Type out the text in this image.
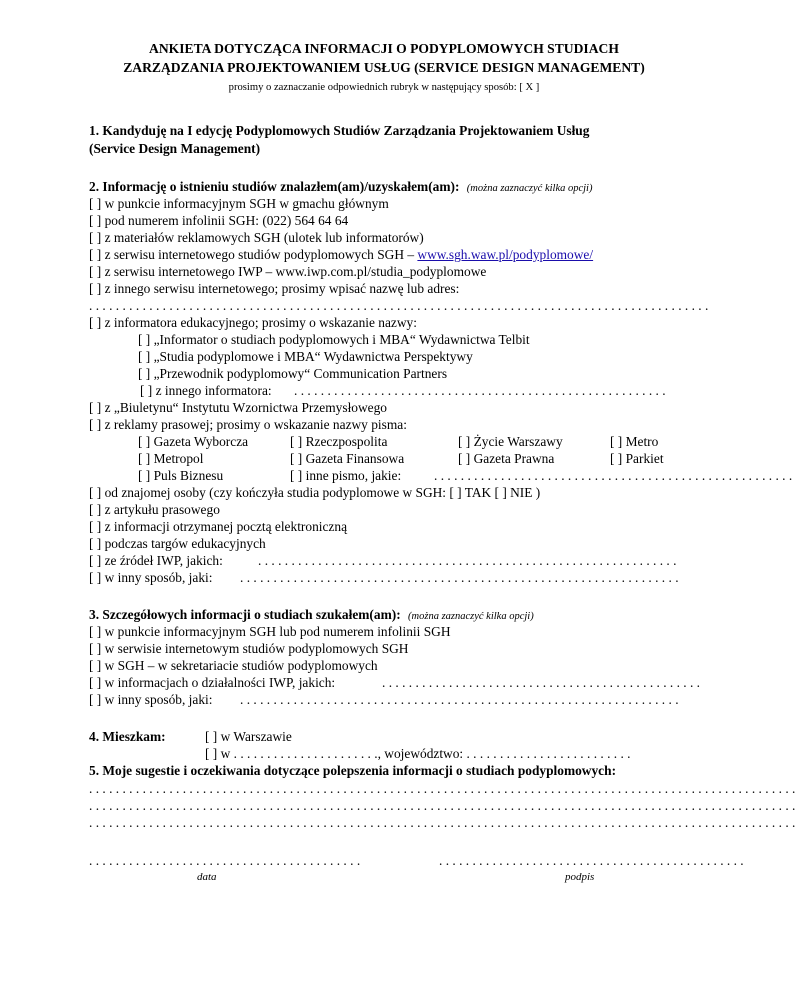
ANKIETA DOTYCZĄCA INFORMACJI O PODYPLOMOWYCH STUDIACH
ZARZĄDZANIA PROJEKTOWANIEM USŁUG (SERVICE DESIGN MANAGEMENT)
prosimy o zaznaczanie odpowiednich rubryk w następujący sposób: [ X ]
1. Kandyduję na I edycję Podyplomowych Studiów Zarządzania Projektowaniem Usług
(Service Design Management)
2. Informację o istnieniu studiów znalazłem(am)/uzyskałem(am): (można zaznaczyć kilka opcji)
[ ] w punkcie informacyjnym SGH w gmachu głównym
[ ] pod numerem infolinii SGH: (022) 564 64 64
[ ] z materiałów reklamowych SGH (ulotek lub informatorów)
[ ] z serwisu internetowego studiów podyplomowych SGH – www.sgh.waw.pl/podyplomowe/
[ ] z serwisu internetowego IWP – www.iwp.com.pl/studia_podyplomowe
[ ] z innego serwisu internetowego; prosimy wpisać nazwę lub adres:
. . . . . . . . . . . . . . . . . . . . . . . . . . . . . . . . . . . . . . . . . . . . . . . . . . . . . . . . . . . . . . . . . . . . . . . . . . . . . . . . . . . . . . . . . . . . .
[ ] z informatora edukacyjnego; prosimy o wskazanie nazwy:
[ ] „Informator o studiach podyplomowych i MBA“ Wydawnictwa Telbit
[ ] „Studia podyplomowe i MBA“ Wydawnictwa Perspektywy
[ ] „Przewodnik podyplomowy“ Communication Partners
[ ] z innego informatora: . . . . . . . . . . . . . . . . . . . . . . . . . . . . . . . . . . . . . . . . . . . . . . . . . . . . . . . .
[ ] z „Biuletynu“ Instytutu Wzornictwa Przemysłowego
[ ] z reklamy prasowej; prosimy o wskazanie nazwy pisma:
[ ] Gazeta Wyborcza	[ ] Rzeczpospolita	[ ] Życie Warszawy	[ ] Metro
[ ] Metropol	[ ] Gazeta Finansowa	[ ] Gazeta Prawna	[ ] Parkiet
[ ] Puls Biznesu	[ ] inne pismo, jakie: . . . . . . . . . . . . . . . . . . . . . . . . . . . . . . . . . . . . . . . . . . . . . . . . . . . . . .
[ ] od znajomej osoby (czy kończyła studia podyplomowe w SGH: [ ] TAK [ ] NIE )
[ ] z artykułu prasowego
[ ] z informacji otrzymanej pocztą elektroniczną
[ ] podczas targów edukacyjnych
[ ] ze źródeł IWP, jakich:	. . . . . . . . . . . . . . . . . . . . . . . . . . . . . . . . . . . . . . . . . . . . . . . . . . . . . . . . . . . . . . .
[ ] w inny sposób, jaki: . . . . . . . . . . . . . . . . . . . . . . . . . . . . . . . . . . . . . . . . . . . . . . . . . . . . . . . . . . . . . . . . . .
3. Szczegółowych informacji o studiach szukałem(am): (można zaznaczyć kilka opcji)
[ ] w punkcie informacyjnym SGH lub pod numerem infolinii SGH
[ ] w serwisie internetowym studiów podyplomowych SGH
[ ] w SGH – w sekretariacie studiów podyplomowych
[ ] w informacjach o działalności IWP, jakich:	. . . . . . . . . . . . . . . . . . . . . . . . . . . . . . . . . . . . . . . . . . . . . . . .
[ ] w inny sposób, jaki: . . . . . . . . . . . . . . . . . . . . . . . . . . . . . . . . . . . . . . . . . . . . . . . . . . . . . . . . . . . . . . . . . .
4. Mieszkam:	[ ] w Warszawie
[ ] w . . . . . . . . . . . . . . . . . . . . . ., województwo: . . . . . . . . . . . . . . . . . . . . . . . . .
5. Moje sugestie i oczekiwania dotyczące polepszenia informacji o studiach podyplomowych:
. . . . . . . . . . . . . . . . . . . . . . . . . . . . . . . . . . . . . . . . . . . . . . . . . . . . . . . . . . . . . . . . . . . . . . . . . . . . . . . . . . . . . . . . . . . . . . . . . . . . . . . . . .
. . . . . . . . . . . . . . . . . . . . . . . . . . . . . . . . . . . . . . . . . . . . . . . . . . . . . . . . . . . . . . . . . . . . . . . . . . . . . . . . . . . . . . . . . . . . . . . . . . . . . . . . . .
. . . . . . . . . . . . . . . . . . . . . . . . . . . . . . . . . . . . . . . . . . . . . . . . . . . . . . . . . . . . . . . . . . . . . . . . . . . . . . . . . . . . . . . . . . . . . . . . . . . . . . . . . .
. . . . . . . . . . . . . . . . . . . . . . . . . . . . . . . . . . . . . . . . .	. . . . . . . . . . . . . . . . . . . . . . . . . . . . . . . . . . . . . . . . . . . . . .
data	podpis
